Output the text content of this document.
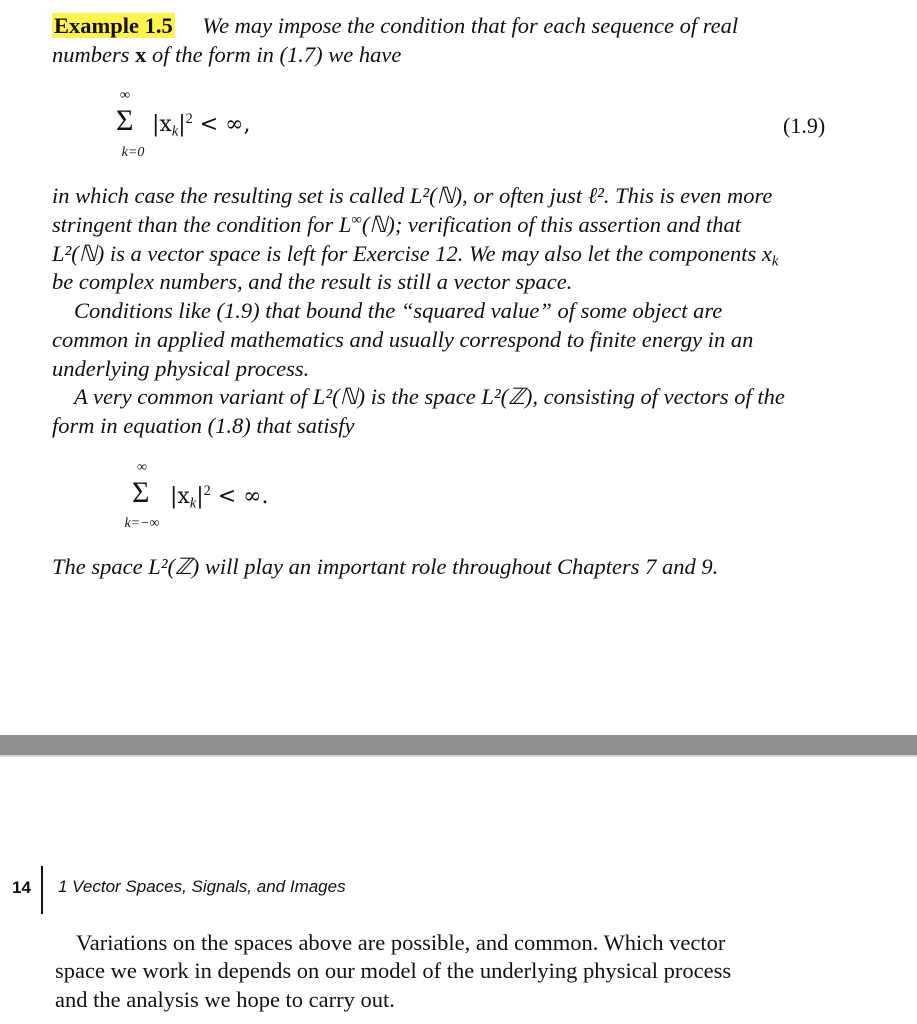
Example 1.5 We may impose the condition that for each sequence of real
numbers x of the form in (1.7) we have
∞
Σ
k=0
$|x_k|^2$ < ∞,	(1.9)
in which case the resulting set is called L²(ℕ), or often just ℓ². This is even more
stringent than the condition for L∞(ℕ); verification of this assertion and that
L²(ℕ) is a vector space is left for Exercise 12. We may also let the components $x_k$
be complex numbers, and the result is still a vector space.
Conditions like (1.9) that bound the “squared value” of some object are
common in applied mathematics and usually correspond to finite energy in an
underlying physical process.
A very common variant of L²(ℕ) is the space L²(ℤ), consisting of vectors of the
form in equation (1.8) that satisfy
∞
Σ
k=−∞
$|x_k|^2$ < ∞.
The space L²(ℤ) will play an important role throughout Chapters 7 and 9.
14 1 Vector Spaces, Signals, and Images
Variations on the spaces above are possible, and common. Which vector
space we work in depends on our model of the underlying physical process
and the analysis we hope to carry out.
